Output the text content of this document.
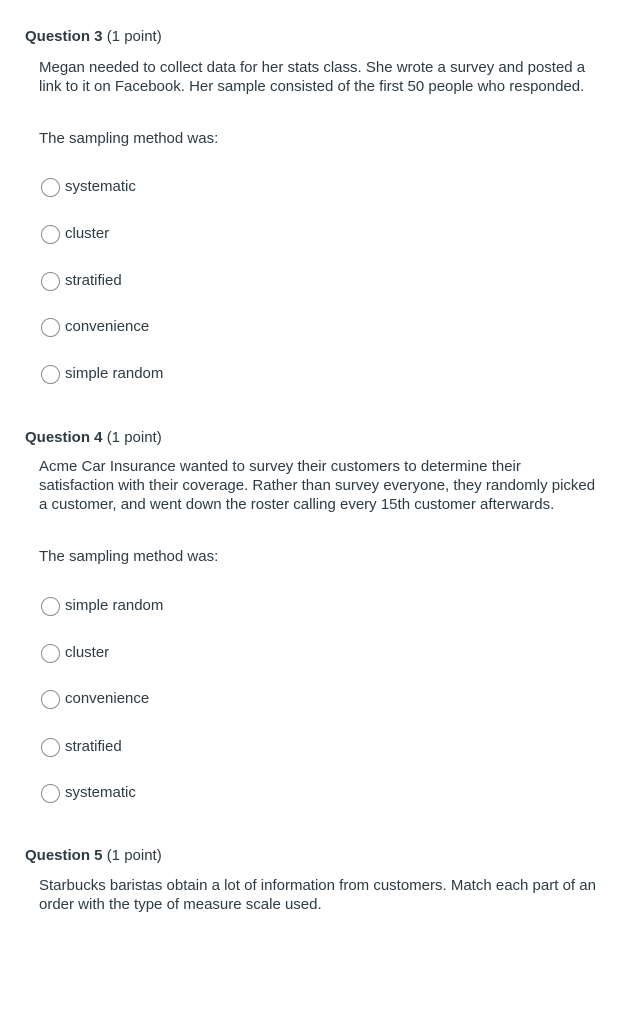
Question 3 (1 point)
Megan needed to collect data for her stats class. She wrote a survey and posted a link to it on Facebook. Her sample consisted of the first 50 people who responded.
The sampling method was:
systematic
cluster
stratified
convenience
simple random
Question 4 (1 point)
Acme Car Insurance wanted to survey their customers to determine their satisfaction with their coverage. Rather than survey everyone, they randomly picked a customer, and went down the roster calling every 15th customer afterwards.
The sampling method was:
simple random
cluster
convenience
stratified
systematic
Question 5 (1 point)
Starbucks baristas obtain a lot of information from customers. Match each part of an order with the type of measure scale used.
